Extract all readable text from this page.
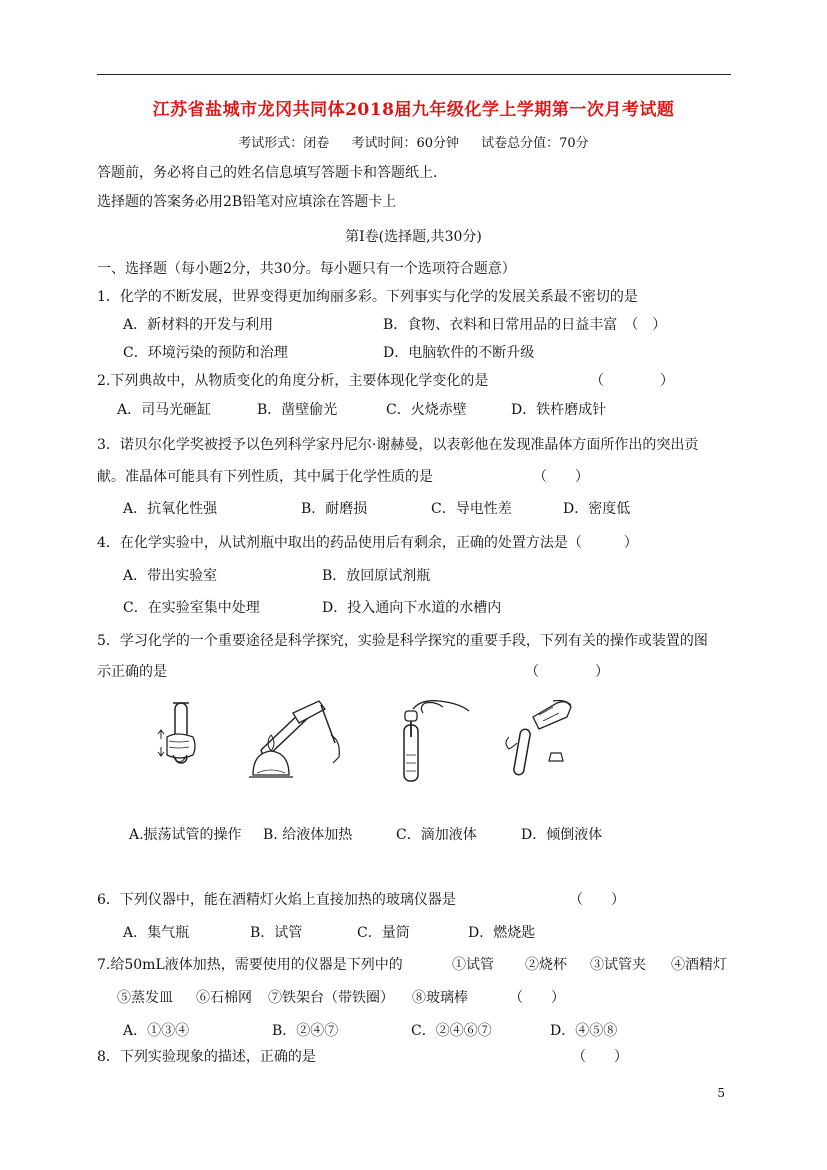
江苏省盐城市龙冈共同体2018届九年级化学上学期第一次月考试题
考试形式：闭卷 考试时间：60分钟 试卷总分值：70分
答题前，务必将自己的姓名信息填写答题卡和答题纸上．
选择题的答案务必用2B铅笔对应填涂在答题卡上
第Ⅰ卷(选择题,共30分)
一、选择题（每小题2分，共30分。每小题只有一个选项符合题意）
1．化学的不断发展，世界变得更加绚丽多彩。下列事实与化学的发展关系最不密切的是
A．新材料的开发与利用	B．食物、衣料和日常用品的日益丰富　（　）
C．环境污染的预防和治理	D．电脑软件的不断升级
2.下列典故中，从物质变化的角度分析，主要体现化学变化的是	（　　　　）
A．司马光砸缸	B．凿壁偷光	C．火烧赤壁	D．铁杵磨成针
3．诺贝尔化学奖被授予以色列科学家丹尼尔·谢赫曼，以表彰他在发现准晶体方面所作出的突出贡
献。准晶体可能具有下列性质，其中属于化学性质的是	（　　）
A．抗氧化性强	B．耐磨损	C．导电性差	D．密度低
4．在化学实验中，从试剂瓶中取出的药品使用后有剩余，正确的处置方法是（　　　）
A．带出实验室	B．放回原试剂瓶
C．在实验室集中处理	D．投入通向下水道的水槽内
5．学习化学的一个重要途径是科学探究，实验是科学探究的重要手段，下列有关的操作或装置的图
示正确的是	（　　　　）
A.振荡试管的操作 B. 给液体加热	C．滴加液体	D．倾倒液体
6．下列仪器中，能在酒精灯火焰上直接加热的玻璃仪器是	（　　）
A．集气瓶	B．试管	C．量筒	D．燃烧匙
7.给50mL液体加热，需要使用的仪器是下列中的	①试管 ②烧杯 ③试管夹 ④酒精灯
⑤蒸发皿 ⑥石棉网 ⑦铁架台（带铁圈） ⑧玻璃棒	（　　）
A．①③④	B．②④⑦	C．②④⑥⑦	D．④⑤⑧
8．下列实验现象的描述，正确的是	（　　）
5
